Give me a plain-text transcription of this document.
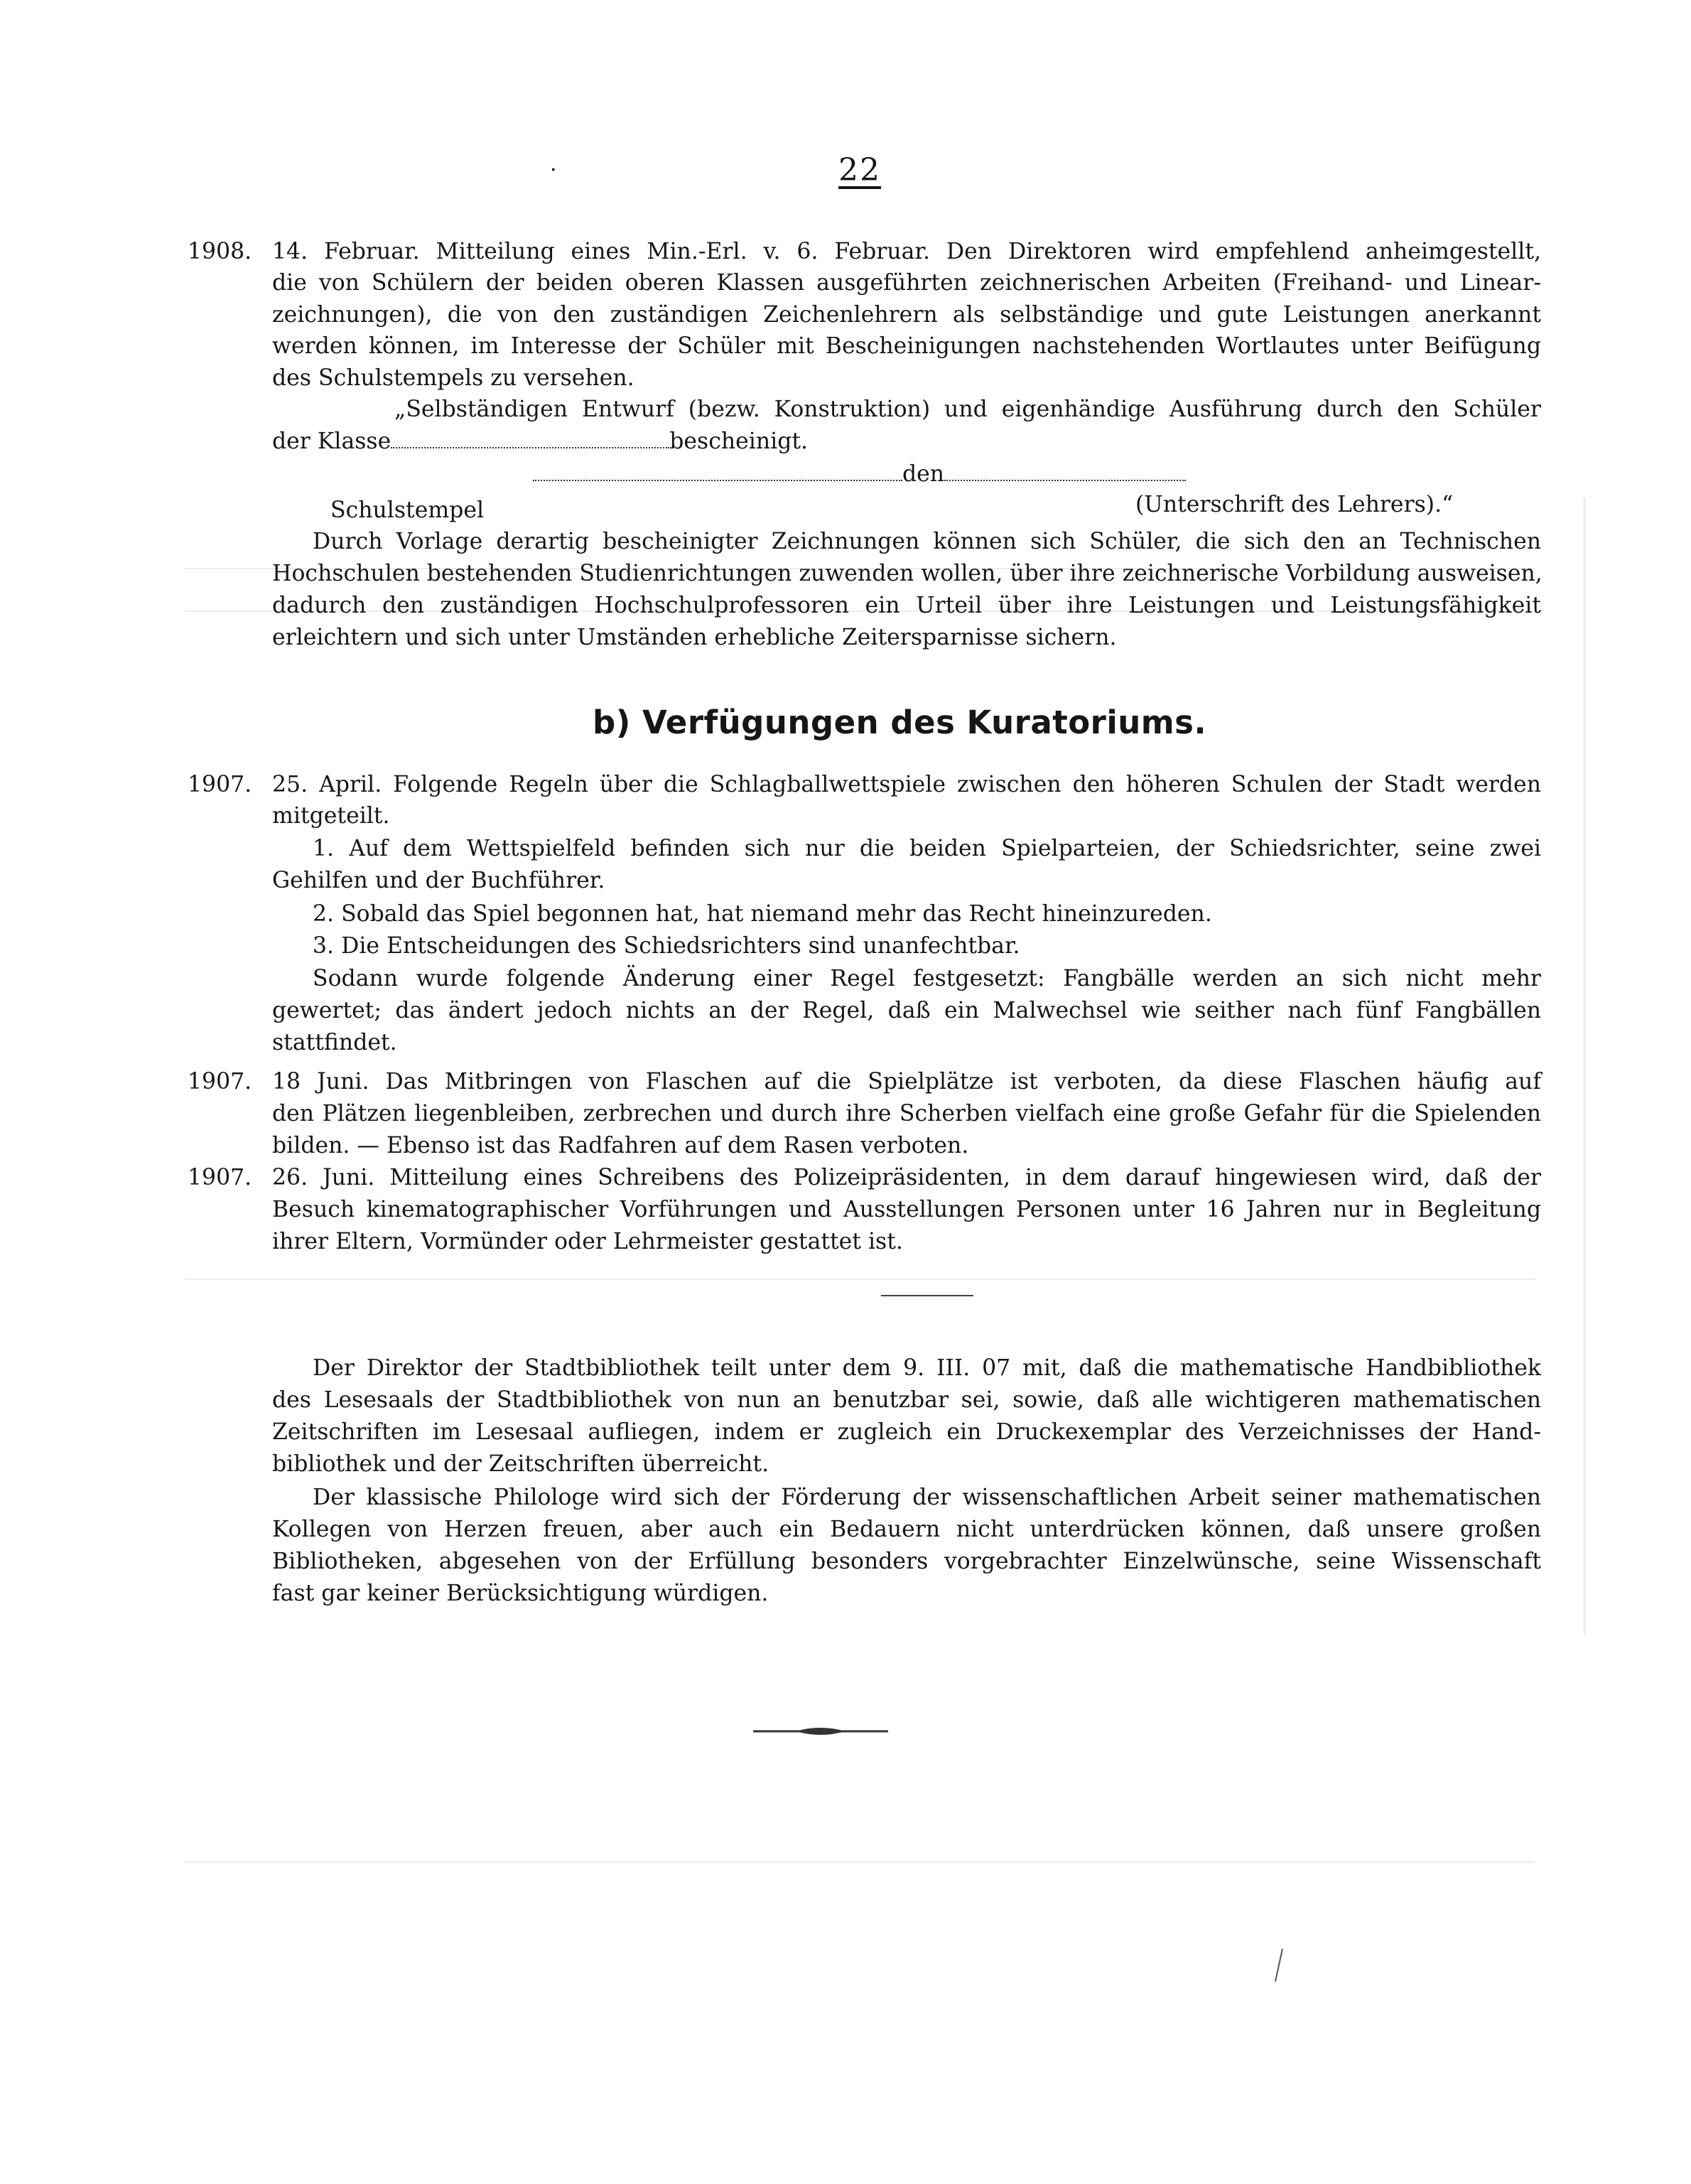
·	22
1908. 14. Februar. Mitteilung eines Min.-Erl. v. 6. Februar. Den Direktoren wird empfehlend anheimgestellt,
die von Schülern der beiden oberen Klassen ausgeführten zeichnerischen Arbeiten (Freihand- und Linear-
zeichnungen), die von den zuständigen Zeichenlehrern als selbständige und gute Leistungen anerkannt
werden können, im Interesse der Schüler mit Bescheinigungen nachstehenden Wortlautes unter Beifügung
des Schulstempels zu versehen.
„Selbständigen Entwurf (bezw. Konstruktion) und eigenhändige Ausführung durch den Schüler
der Klasse	bescheinigt.
den
Schulstempel	(Unterschrift des Lehrers).“
Durch Vorlage derartig bescheinigter Zeichnungen können sich Schüler, die sich den an Technischen
Hochschulen bestehenden Studienrichtungen zuwenden wollen, über ihre zeichnerische Vorbildung ausweisen,
dadurch den zuständigen Hochschulprofessoren ein Urteil über ihre Leistungen und Leistungsfähigkeit
erleichtern und sich unter Umständen erhebliche Zeitersparnisse sichern.
b) Verfügungen des Kuratoriums.
1907. 25. April. Folgende Regeln über die Schlagballwettspiele zwischen den höheren Schulen der Stadt werden
mitgeteilt.
1. Auf dem Wettspielfeld befinden sich nur die beiden Spielparteien, der Schiedsrichter, seine zwei
Gehilfen und der Buchführer.
2. Sobald das Spiel begonnen hat, hat niemand mehr das Recht hineinzureden.
3. Die Entscheidungen des Schiedsrichters sind unanfechtbar.
Sodann wurde folgende Änderung einer Regel festgesetzt: Fangbälle werden an sich nicht mehr
gewertet; das ändert jedoch nichts an der Regel, daß ein Malwechsel wie seither nach fünf Fangbällen
stattfindet.
1907. 18 Juni. Das Mitbringen von Flaschen auf die Spielplätze ist verboten, da diese Flaschen häufig auf
den Plätzen liegenbleiben, zerbrechen und durch ihre Scherben vielfach eine große Gefahr für die Spielenden
bilden. — Ebenso ist das Radfahren auf dem Rasen verboten.
1907. 26. Juni. Mitteilung eines Schreibens des Polizeipräsidenten, in dem darauf hingewiesen wird, daß der
Besuch kinematographischer Vorführungen und Ausstellungen Personen unter 16 Jahren nur in Begleitung
ihrer Eltern, Vormünder oder Lehrmeister gestattet ist.
Der Direktor der Stadtbibliothek teilt unter dem 9. III. 07 mit, daß die mathematische Handbibliothek
des Lesesaals der Stadtbibliothek von nun an benutzbar sei, sowie, daß alle wichtigeren mathematischen
Zeitschriften im Lesesaal aufliegen, indem er zugleich ein Druckexemplar des Verzeichnisses der Hand-
bibliothek und der Zeitschriften überreicht.
Der klassische Philologe wird sich der Förderung der wissenschaftlichen Arbeit seiner mathematischen
Kollegen von Herzen freuen, aber auch ein Bedauern nicht unterdrücken können, daß unsere großen
Bibliotheken, abgesehen von der Erfüllung besonders vorgebrachter Einzelwünsche, seine Wissenschaft
fast gar keiner Berücksichtigung würdigen.
